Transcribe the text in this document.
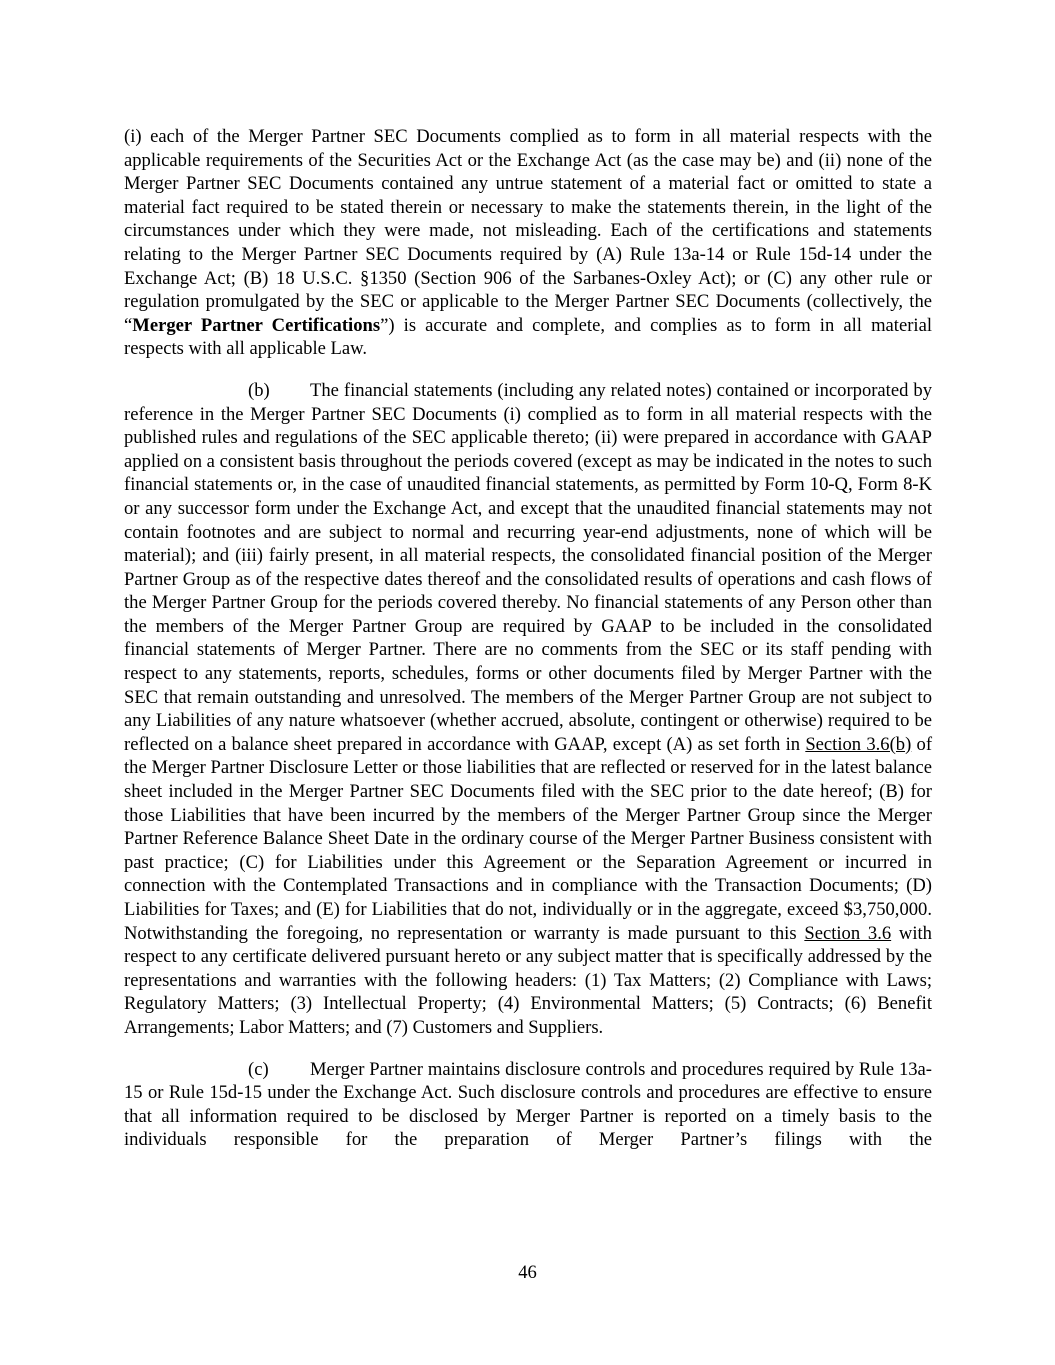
(i) each of the Merger Partner SEC Documents complied as to form in all material respects with the applicable requirements of the Securities Act or the Exchange Act (as the case may be) and (ii) none of the Merger Partner SEC Documents contained any untrue statement of a material fact or omitted to state a material fact required to be stated therein or necessary to make the statements therein, in the light of the circumstances under which they were made, not misleading. Each of the certifications and statements relating to the Merger Partner SEC Documents required by (A) Rule 13a-14 or Rule 15d-14 under the Exchange Act; (B) 18 U.S.C. §1350 (Section 906 of the Sarbanes-Oxley Act); or (C) any other rule or regulation promulgated by the SEC or applicable to the Merger Partner SEC Documents (collectively, the “Merger Partner Certifications”) is accurate and complete, and complies as to form in all material respects with all applicable Law.

(b) The financial statements (including any related notes) contained or incorporated by reference in the Merger Partner SEC Documents (i) complied as to form in all material respects with the published rules and regulations of the SEC applicable thereto; (ii) were prepared in accordance with GAAP applied on a consistent basis throughout the periods covered (except as may be indicated in the notes to such financial statements or, in the case of unaudited financial statements, as permitted by Form 10-Q, Form 8-K or any successor form under the Exchange Act, and except that the unaudited financial statements may not contain footnotes and are subject to normal and recurring year-end adjustments, none of which will be material); and (iii) fairly present, in all material respects, the consolidated financial position of the Merger Partner Group as of the respective dates thereof and the consolidated results of operations and cash flows of the Merger Partner Group for the periods covered thereby. No financial statements of any Person other than the members of the Merger Partner Group are required by GAAP to be included in the consolidated financial statements of Merger Partner. There are no comments from the SEC or its staff pending with respect to any statements, reports, schedules, forms or other documents filed by Merger Partner with the SEC that remain outstanding and unresolved. The members of the Merger Partner Group are not subject to any Liabilities of any nature whatsoever (whether accrued, absolute, contingent or otherwise) required to be reflected on a balance sheet prepared in accordance with GAAP, except (A) as set forth in Section 3.6(b) of the Merger Partner Disclosure Letter or those liabilities that are reflected or reserved for in the latest balance sheet included in the Merger Partner SEC Documents filed with the SEC prior to the date hereof; (B) for those Liabilities that have been incurred by the members of the Merger Partner Group since the Merger Partner Reference Balance Sheet Date in the ordinary course of the Merger Partner Business consistent with past practice; (C) for Liabilities under this Agreement or the Separation Agreement or incurred in connection with the Contemplated Transactions and in compliance with the Transaction Documents; (D) Liabilities for Taxes; and (E) for Liabilities that do not, individually or in the aggregate, exceed $3,750,000. Notwithstanding the foregoing, no representation or warranty is made pursuant to this Section 3.6 with respect to any certificate delivered pursuant hereto or any subject matter that is specifically addressed by the representations and warranties with the following headers: (1) Tax Matters; (2) Compliance with Laws; Regulatory Matters; (3) Intellectual Property; (4) Environmental Matters; (5) Contracts; (6) Benefit Arrangements; Labor Matters; and (7) Customers and Suppliers.

(c) Merger Partner maintains disclosure controls and procedures required by Rule 13a-15 or Rule 15d-15 under the Exchange Act. Such disclosure controls and procedures are effective to ensure that all information required to be disclosed by Merger Partner is reported on a timely basis to the individuals responsible for the preparation of Merger Partner’s filings with the

46
